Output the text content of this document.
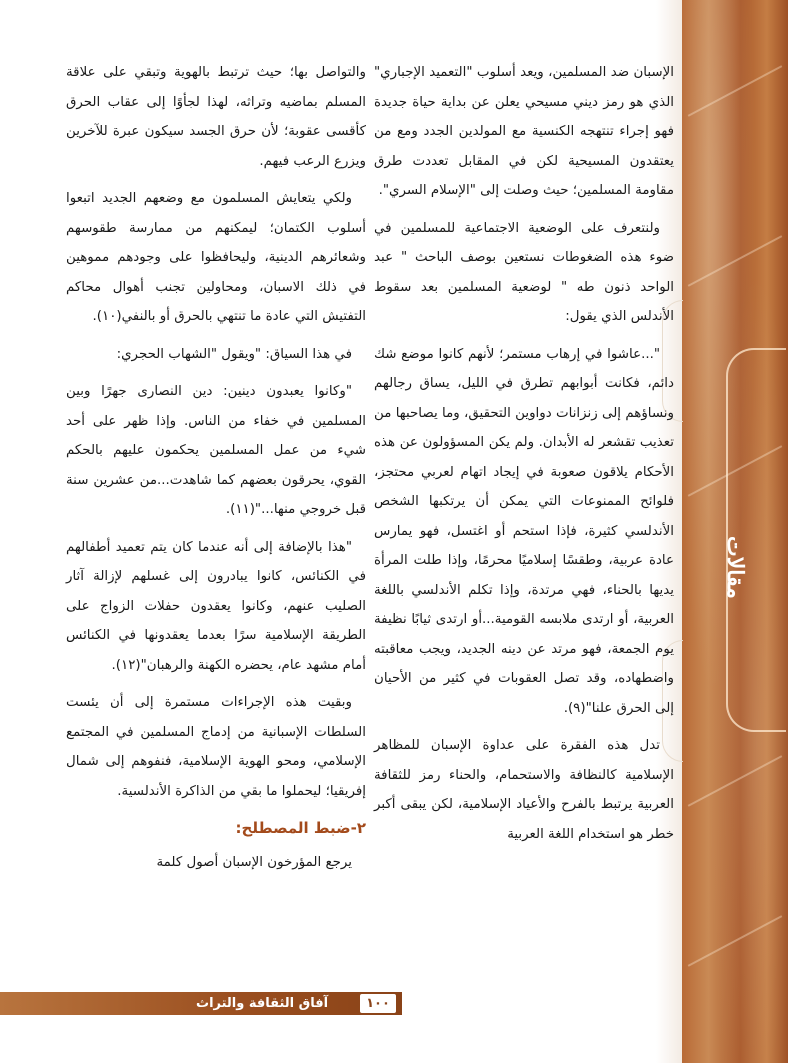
مقالات

الإسبان ضد المسلمين، ويعد أسلوب "التعميد الإجباري" الذي هو رمز ديني مسيحي يعلن عن بداية حياة جديدة فهو إجراء تنتهجه الكنسية مع المولدين الجدد ومع من يعتقدون المسيحية لكن في المقابل تعددت طرق مقاومة المسلمين؛ حيث وصلت إلى "الإسلام السري".

ولنتعرف على الوضعية الاجتماعية للمسلمين في ضوء هذه الضغوطات نستعين بوصف الباحث " عبد الواحد ذنون طه " لوضعية المسلمين بعد سقوط الأندلس الذي يقول:

"...عاشوا في إرهاب مستمر؛ لأنهم كانوا موضع شك دائم، فكانت أبوابهم تطرق في الليل، يساق رجالهم ونساؤهم إلى زنزانات دواوين التحقيق، وما يصاحبها من تعذيب تقشعر له الأبدان. ولم يكن المسؤولون عن هذه الأحكام يلاقون صعوبة في إيجاد اتهام لعربي محتجز، فلوائح الممنوعات التي يمكن أن يرتكبها الشخص الأندلسي كثيرة، فإذا استحم أو اغتسل، فهو يمارس عادة عربية، وطقسًا إسلاميًا محرمًا، وإذا طلت المرأة يديها بالحناء، فهي مرتدة، وإذا تكلم الأندلسي باللغة العربية، أو ارتدى ملابسه القومية...أو ارتدى ثيابًا نظيفة يوم الجمعة، فهو مرتد عن دينه الجديد، ويجب معاقبته واضطهاده، وقد تصل العقوبات في كثير من الأحيان إلى الحرق علنا"(٩).

تدل هذه الفقرة على عداوة الإسبان للمظاهر الإسلامية كالنظافة والاستحمام، والحناء رمز للثقافة العربية يرتبط بالفرح والأعياد الإسلامية، لكن يبقى أكبر خطر هو استخدام اللغة العربية

والتواصل بها؛ حيث ترتبط بالهوية وتبقي على علاقة المسلم بماضيه وتراثه، لهذا لجأوًا إلى عقاب الحرق كأقسى عقوبة؛ لأن حرق الجسد سيكون عبرة للآخرين ويزرع الرعب فيهم.

ولكي يتعايش المسلمون مع وضعهم الجديد اتبعوا أسلوب الكتمان؛ ليمكنهم من ممارسة طقوسهم وشعائرهم الدينية، وليحافظوا على وجودهم مموهين في ذلك الاسبان، ومحاولين تجنب أهوال محاكم التفتيش التي عادة ما تنتهي بالحرق أو بالنفي(١٠).

في هذا السياق: "ويقول "الشهاب الحجري:

"وكانوا يعبدون دينين: دين النصارى جهرًا وبين المسلمين في خفاء من الناس. وإذا ظهر على أحد شيء من عمل المسلمين يحكمون عليهم بالحكم القوي، يحرقون بعضهم كما شاهدت...من عشرين سنة قبل خروجي منها..."(١١).

"هذا بالإضافة إلى أنه عندما كان يتم تعميد أطفالهم في الكنائس، كانوا يبادرون إلى غسلهم لإزالة آثار الصليب عنهم، وكانوا يعقدون حفلات الزواج على الطريقة الإسلامية سرًا بعدما يعقدونها في الكنائس أمام مشهد عام، يحضره الكهنة والرهبان"(١٢).

وبقيت هذه الإجراءات مستمرة إلى أن يئست السلطات الإسبانية من إدماج المسلمين في المجتمع الإسلامي، ومحو الهوية الإسلامية، فنفوهم إلى شمال إفريقيا؛ ليحملوا ما بقي من الذاكرة الأندلسية.

٢-ضبط المصطلح:

يرجع المؤرخون الإسبان أصول كلمة

آفاق الثقافة والتراث	١٠٠
